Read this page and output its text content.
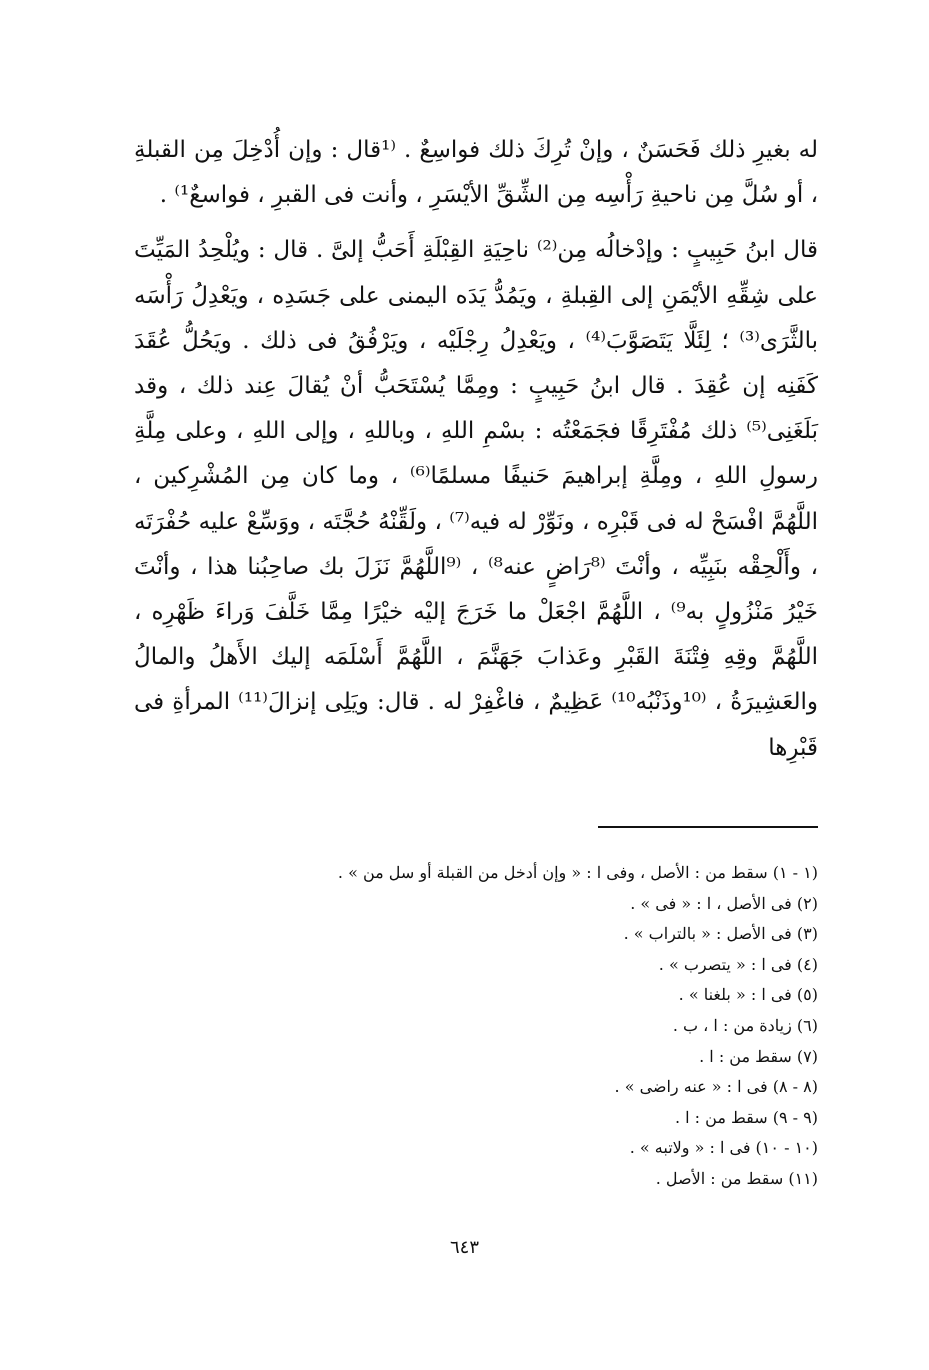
له بغيرِ ذلك فَحَسَنٌ ، وإنْ تُرِكَ ذلك فواسِعٌ . ⁽¹قال : وإن أُدْخِلَ مِن القبلةِ ، أو سُلَّ مِن ناحيةِ رَأْسِه مِن الشِّقِّ الأيْسَرِ ، وأنت فى القبرِ ، فواسعٌ¹⁾ .

قال ابنُ حَبِيبٍ : وإدْخالُه مِن⁽²⁾ ناحِيَةِ القِبْلَةِ أَحَبُّ إلىَّ . قال : ويُلْحِدُ المَيِّتَ على شِقِّهِ الأيْمَنِ إلى القِبلةِ ، ويَمُدُّ يَدَه اليمنى على جَسَدِه ، ويَعْدِلُ رَأْسَه بالثَّرَى⁽³⁾ ؛ لِئَلَّا يَتَصَوَّبَ⁽⁴⁾ ، ويَعْدِلُ رِجْلَيْه ، ويَرْفُقُ فى ذلك . ويَحُلُّ عُقَدَ كَفَنِه إن عُقِدَ . قال ابنُ حَبِيبٍ : ومِمَّا يُسْتَحَبُّ أنْ يُقالَ عِند ذلك ، وقد بَلَغَنِى⁽⁵⁾ ذلك مُفْتَرِقًا فجَمَعْتُه : بسْمِ اللهِ ، وباللهِ ، وإلى اللهِ ، وعلى مِلَّةِ رسولِ اللهِ ، ومِلَّةِ إبراهيمَ حَنيفًا مسلمًا⁽⁶⁾ ، وما كان مِن المُشْرِكين ، اللَّهُمَّ افْسَحْ له فى قَبْرِه ، ونَوِّرْ له فيه⁽⁷⁾ ، ولَقِّنْهُ حُجَّتَه ، ووَسِّعْ عليه حُفْرَتَه ، وأَلْحِقْه بنَبِيِّه ، وأنْتَ ⁽⁸رَاضٍ عنه⁸⁾ ، ⁽⁹اللَّهُمَّ نَزَلَ بك صاحِبُنا هذا ، وأنْتَ خَيْرُ مَنْزُولٍ به⁹⁾ ، اللَّهُمَّ اجْعَلْ ما خَرَجَ إليْه خيْرًا مِمَّا خَلَّفَ وَراءَ ظَهْرِه ، اللَّهُمَّ وقِهِ فِتْنَةَ القَبْرِ وعَذابَ جَهَنَّمَ ، اللَّهُمَّ أَسْلَمَه إليك الأَهلُ والمالُ والعَشِيرَةُ ، ⁽¹⁰وذَنْبُه¹⁰⁾ عَظِيمٌ ، فاغْفِرْ له . قال: ويَلِى إنزالَ⁽¹¹⁾ المرأةِ فى قَبْرِها

(١ - ١) سقط من : الأصل ، وفى ا : « وإن أدخل من القبلة أو سل من » .
(٢) فى الأصل ، ا : « فى » .
(٣) فى الأصل : « بالتراب » .
(٤) فى ا : « يتصرب » .
(٥) فى ا : « بلغنا » .
(٦) زيادة من : ا ، ب .
(٧) سقط من : ا .
(٨ - ٨) فى ا : « عنه راضى » .
(٩ - ٩) سقط من : ا .
(١٠ - ١٠) فى ا : « ولاتبه » .
(١١) سقط من : الأصل .
٦٤٣
